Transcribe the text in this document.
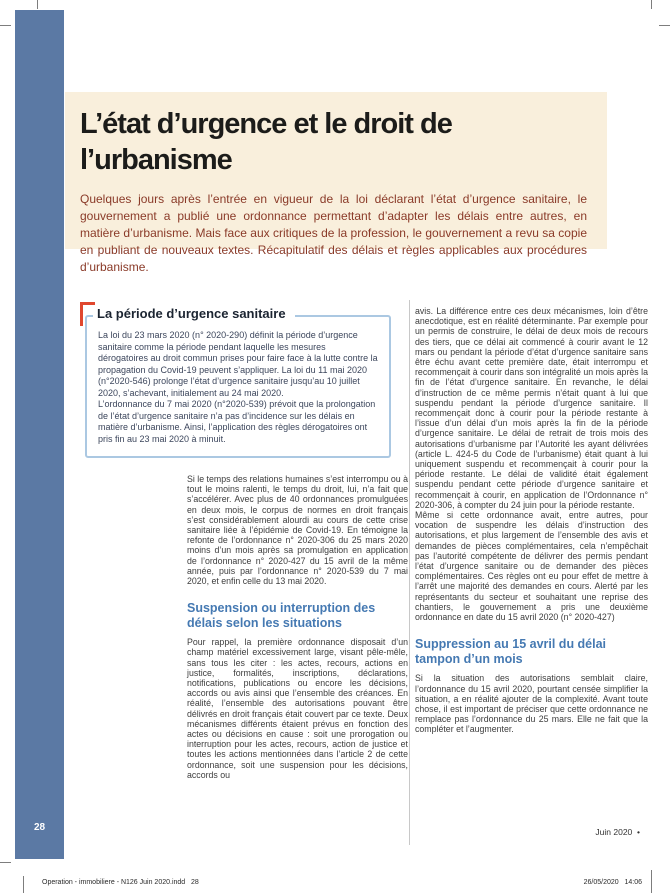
28
L’état d’urgence et le droit de l’urbanisme

Quelques jours après l’entrée en vigueur de la loi déclarant l’état d’urgence sanitaire, le gouvernement a publié une ordonnance permettant d’adapter les délais entre autres, en matière d’urbanisme. Mais face aux critiques de la profession, le gouvernement a revu sa copie en publiant de nouveaux textes. Récapitulatif des délais et règles applicables aux procédures d’urbanisme.

La période d’urgence sanitaire

La loi du 23 mars 2020 (n° 2020-290) définit la période d’urgence sanitaire comme la période pendant laquelle les mesures dérogatoires au droit commun prises pour faire face à la lutte contre la propagation du Covid-19 peuvent s’appliquer. La loi du 11 mai 2020 (n°2020-546) prolonge l’état d’urgence sanitaire jusqu’au 10 juillet 2020, s’achevant, initialement au 24 mai 2020.

L’ordonnance du 7 mai 2020 (n°2020-539) prévoit que la prolongation de l’état d’urgence sanitaire n’a pas d’incidence sur les délais en matière d’urbanisme. Ainsi, l’application des règles dérogatoires ont pris fin au 23 mai 2020 à minuit.

Si le temps des relations humaines s’est interrompu ou à tout le moins ralenti, le temps du droit, lui, n’a fait que s’accélérer. Avec plus de 40 ordonnances promulguées en deux mois, le corpus de normes en droit français s’est considérablement alourdi au cours de cette crise sanitaire liée à l’épidémie de Covid-19. En témoigne la refonte de l’ordonnance n° 2020-306 du 25 mars 2020 moins d’un mois après sa promulgation en application de l’ordonnance n° 2020-427 du 15 avril de la même année, puis par l’ordonnance n° 2020-539 du 7 mai 2020, et enfin celle du 13 mai 2020.

Suspension ou interruption des délais selon les situations

Pour rappel, la première ordonnance disposait d’un champ matériel excessivement large, visant pêle-mêle, sans tous les citer : les actes, recours, actions en justice, formalités, inscriptions, déclarations, notifications, publications ou encore les décisions, accords ou avis ainsi que l’ensemble des créances. En réalité, l’ensemble des autorisations pouvant être délivrés en droit français était couvert par ce texte. Deux mécanismes différents étaient prévus en fonction des actes ou décisions en cause : soit une prorogation ou interruption pour les actes, recours, action de justice et toutes les actions mentionnées dans l’article 2 de cette ordonnance, soit une suspension pour les décisions, accords ou

avis. La différence entre ces deux mécanismes, loin d’être anecdotique, est en réalité déterminante. Par exemple pour un permis de construire, le délai de deux mois de recours des tiers, que ce délai ait commencé à courir avant le 12 mars ou pendant la période d’état d’urgence sanitaire sans être échu avant cette première date, était interrompu et recommençait à courir dans son intégralité un mois après la fin de l’état d’urgence sanitaire. En revanche, le délai d’instruction de ce même permis n’était quant à lui que suspendu pendant la période d’urgence sanitaire. Il recommençait donc à courir pour la période restante à l’issue d’un délai d’un mois après la fin de la période d’urgence sanitaire. Le délai de retrait de trois mois des autorisations d’urbanisme par l’Autorité les ayant délivrées (article L. 424-5 du Code de l’urbanisme) était quant à lui uniquement suspendu et recommençait à courir pour la période restante. Le délai de validité était également suspendu pendant cette période d’urgence sanitaire et recommençait à courir, en application de l’Ordonnance n° 2020-306, à compter du 24 juin pour la période restante.

Même si cette ordonnance avait, entre autres, pour vocation de suspendre les délais d’instruction des autorisations, et plus largement de l’ensemble des avis et demandes de pièces complémentaires, cela n’empêchait pas l’autorité compétente de délivrer des permis pendant l’état d’urgence sanitaire ou de demander des pièces complémentaires. Ces règles ont eu pour effet de mettre à l’arrêt une majorité des demandes en cours. Alerté par les représentants du secteur et souhaitant une reprise des chantiers, le gouvernement a pris une deuxième ordonnance en date du 15 avril 2020 (n° 2020-427)

Suppression au 15 avril du délai tampon d’un mois

Si la situation des autorisations semblait claire, l’ordonnance du 15 avril 2020, pourtant censée simplifier la situation, a en réalité ajouter de la complexité. Avant toute chose, il est important de préciser que cette ordonnance ne remplace pas l’ordonnance du 25 mars. Elle ne fait que la compléter et l’augmenter.

Juin 2020  •
Operation - immobiliere - N126 Juin 2020.indd   28	26/05/2020   14:06
